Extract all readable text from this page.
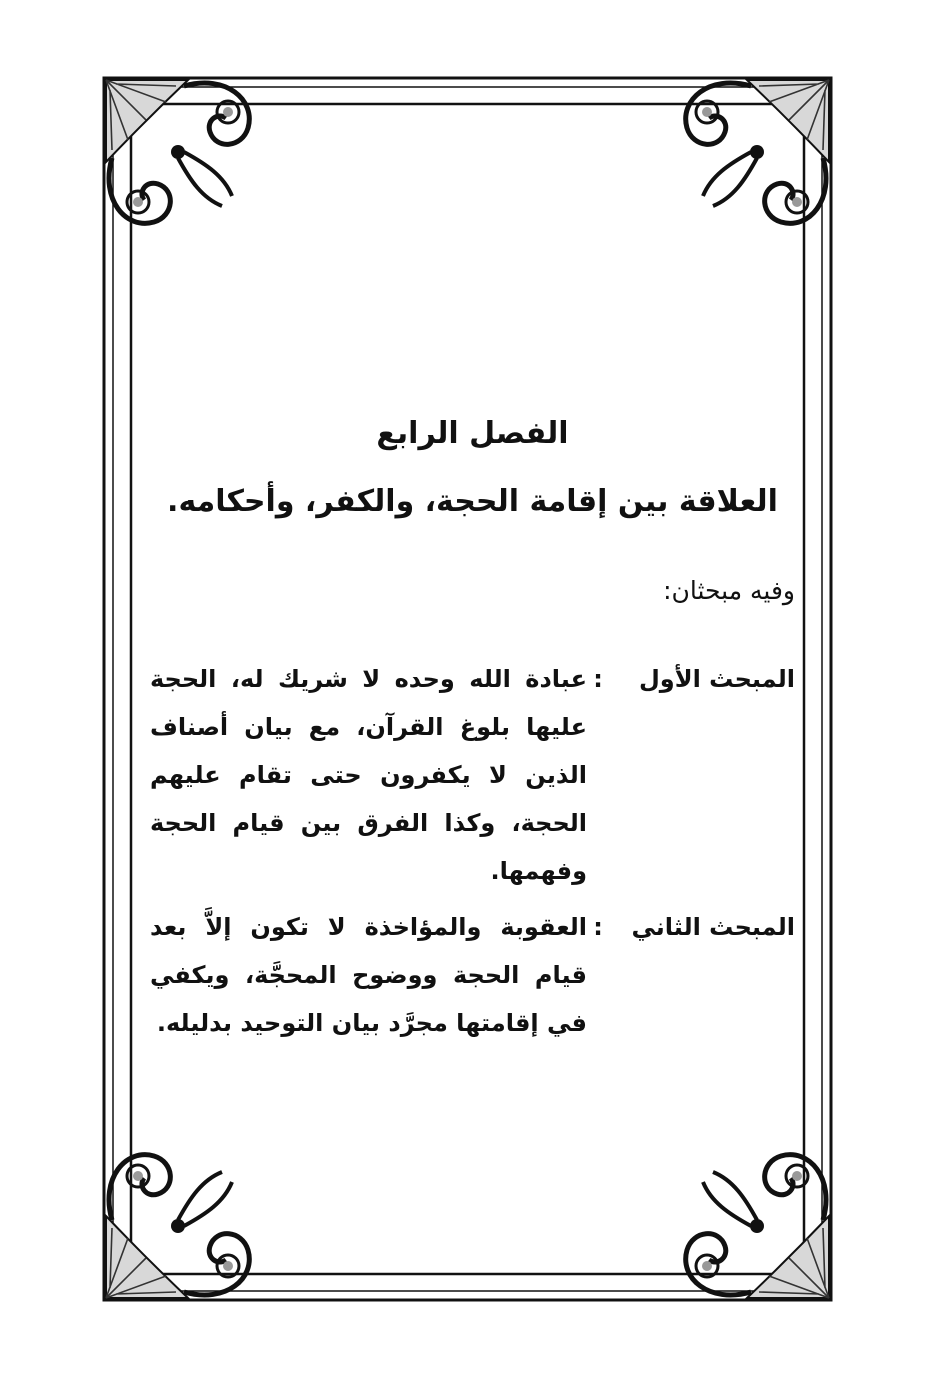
الفصل الرابع
العلاقة بين إقامة الحجة، والكفر، وأحكامه.
وفيه مبحثان:
المبحث الأول
:
عبادة الله وحده لا شريك له، الحجة عليها بلوغ القرآن، مع بيان أصناف الذين لا يكفرون حتى تقام عليهم الحجة، وكذا الفرق بين قيام الحجة وفهمها.
المبحث الثاني
:
العقوبة والمؤاخذة لا تكون إلاَّ بعد قيام الحجة ووضوح المحجَّة، ويكفي في إقامتها مجرَّد بيان التوحيد بدليله.
